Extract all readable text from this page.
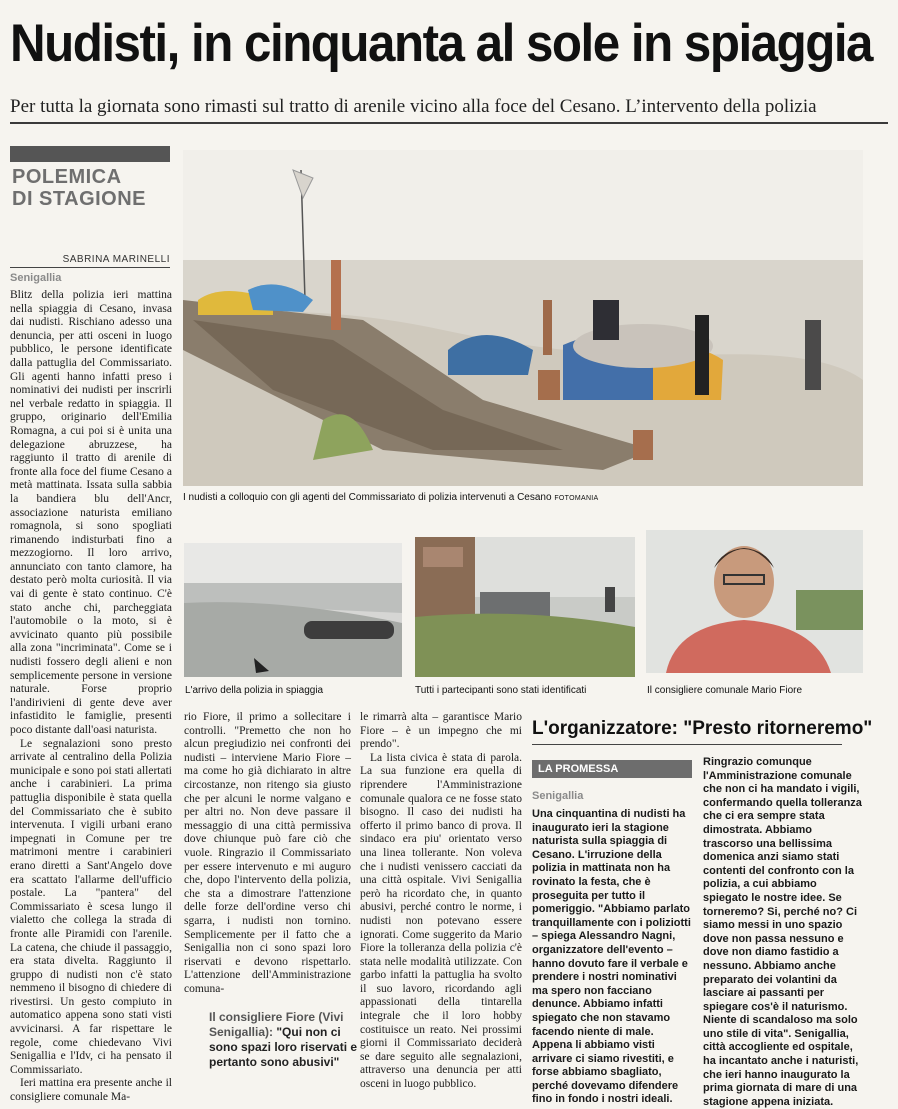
Nudisti, in cinquanta al sole in spiaggia
Per tutta la giornata sono rimasti sul tratto di arenile vicino alla foce del Cesano. L’intervento della polizia
POLEMICA
DI STAGIONE
SABRINA MARINELLI
Senigallia

Blitz della polizia ieri mattina nella spiaggia di Cesano, invasa dai nudisti. Rischiano adesso una denuncia, per atti osceni in luogo pubblico, le persone identificate dalla pattuglia del Commissariato. Gli agenti hanno infatti preso i nominativi dei nudisti per inscrirli nel verbale redatto in spiaggia. Il gruppo, originario dell'Emilia Romagna, a cui poi si è unita una delegazione abruzzese, ha raggiunto il tratto di arenile di fronte alla foce del fiume Cesano a metà mattinata. Issata sulla sabbia la bandiera blu dell'Ancr, associazione naturista emiliano romagnola, si sono spogliati rimanendo indisturbati fino a mezzogiorno. Il loro arrivo, annunciato con tanto clamore, ha destato però molta curiosità. Il via vai di gente è stato continuo. C'è stato anche chi, parcheggiata l'automobile o la moto, si è avvicinato quanto più possibile alla zona "incriminata". Come se i nudisti fossero degli alieni e non semplicemente persone in versione naturale. Forse proprio l'andirivieni di gente deve aver infastidito le famiglie, presenti poco distante dall'oasi naturista.

Le segnalazioni sono presto arrivate al centralino della Polizia municipale e sono poi stati allertati anche i carabinieri. La prima pattuglia disponibile è stata quella del Commissariato che è subito intervenuta. I vigili urbani erano impegnati in Comune per tre matrimoni mentre i carabinieri erano diretti a Sant'Angelo dove era scattato l'allarme dell'ufficio postale. La "pantera" del Commissariato è scesa lungo il vialetto che collega la strada di fronte alle Piramidi con l'arenile. La catena, che chiude il passaggio, era stata divelta. Raggiunto il gruppo di nudisti non c'è stato nemmeno il bisogno di chiedere di rivestirsi. Un gesto compiuto in automatico appena sono stati visti avvicinarsi. A far rispettare le regole, come chiedevano Vivi Senigallia e l'Idv, ci ha pensato il Commissariato.

Ieri mattina era presente anche il consigliere comunale Ma-

I nudisti a colloquio con gli agenti del Commissariato di polizia intervenuti a Cesano FOTOMANIA
L'arrivo della polizia in spiaggia	Tutti i partecipanti sono stati identificati	Il consigliere comunale Mario Fiore

rio Fiore, il primo a sollecitare i controlli. "Premetto che non ho alcun pregiudizio nei confronti dei nudisti – interviene Mario Fiore – ma come ho già dichiarato in altre circostanze, non ritengo sia giusto che per alcuni le norme valgano e per altri no. Non deve passare il messaggio di una città permissiva dove chiunque può fare ciò che vuole. Ringrazio il Commissariato per essere intervenuto e mi auguro che, dopo l'intervento della polizia, che sta a dimostrare l'attenzione delle forze dell'ordine verso chi sgarra, i nudisti non tornino. Semplicemente per il fatto che a Senigallia non ci sono spazi loro riservati e devono rispettarlo. L'attenzione dell'Amministrazione comuna-

Il consigliere Fiore (Vivi Senigallia): "Qui non ci sono spazi loro riservati e pertanto sono abusivi"

le rimarrà alta – garantisce Mario Fiore – è un impegno che mi prendo".

La lista civica è stata di parola. La sua funzione era quella di riprendere l'Amministrazione comunale qualora ce ne fosse stato bisogno. Il caso dei nudisti ha offerto il primo banco di prova. Il sindaco era piu' orientato verso una linea tollerante. Non voleva che i nudisti venissero cacciati da una città ospitale. Vivi Senigallia però ha ricordato che, in quanto abusivi, perché contro le norme, i nudisti non potevano essere ignorati. Come suggerito da Mario Fiore la tolleranza della polizia c'è stata nelle modalità utilizzate. Con garbo infatti la pattuglia ha svolto il suo lavoro, ricordando agli appassionati della tintarella integrale che il loro hobby costituisce un reato. Nei prossimi giorni il Commissariato deciderà se dare seguito alle segnalazioni, attraverso una denuncia per atti osceni in luogo pubblico.

L'organizzatore: "Presto ritorneremo"
LA PROMESSA
Senigallia

Una cinquantina di nudisti ha inaugurato ieri la stagione naturista sulla spiaggia di Cesano. L'irruzione della polizia in mattinata non ha rovinato la festa, che è proseguita per tutto il pomeriggio. "Abbiamo parlato tranquillamente con i poliziotti – spiega Alessandro Nagni, organizzatore dell'evento – hanno dovuto fare il verbale e prendere i nostri nominativi ma spero non facciano denunce. Abbiamo infatti spiegato che non stavamo facendo niente di male. Appena li abbiamo visti arrivare ci siamo rivestiti, e forse abbiamo sbagliato, perché dovevamo difendere fino in fondo i nostri ideali.

Ringrazio comunque l'Amministrazione comunale che non ci ha mandato i vigili, confermando quella tolleranza che ci era sempre stata dimostrata. Abbiamo trascorso una bellissima domenica anzi siamo stati contenti del confronto con la polizia, a cui abbiamo spiegato le nostre idee. Se torneremo? Si, perché no? Ci siamo messi in uno spazio dove non passa nessuno e dove non diamo fastidio a nessuno. Abbiamo anche preparato dei volantini da lasciare ai passanti per spiegare cos'è il naturismo. Niente di scandaloso ma solo uno stile di vita". Senigallia, città accogliente ed ospitale, ha incantato anche i naturisti, che ieri hanno inaugurato la prima giornata di mare di una stagione appena iniziata.
